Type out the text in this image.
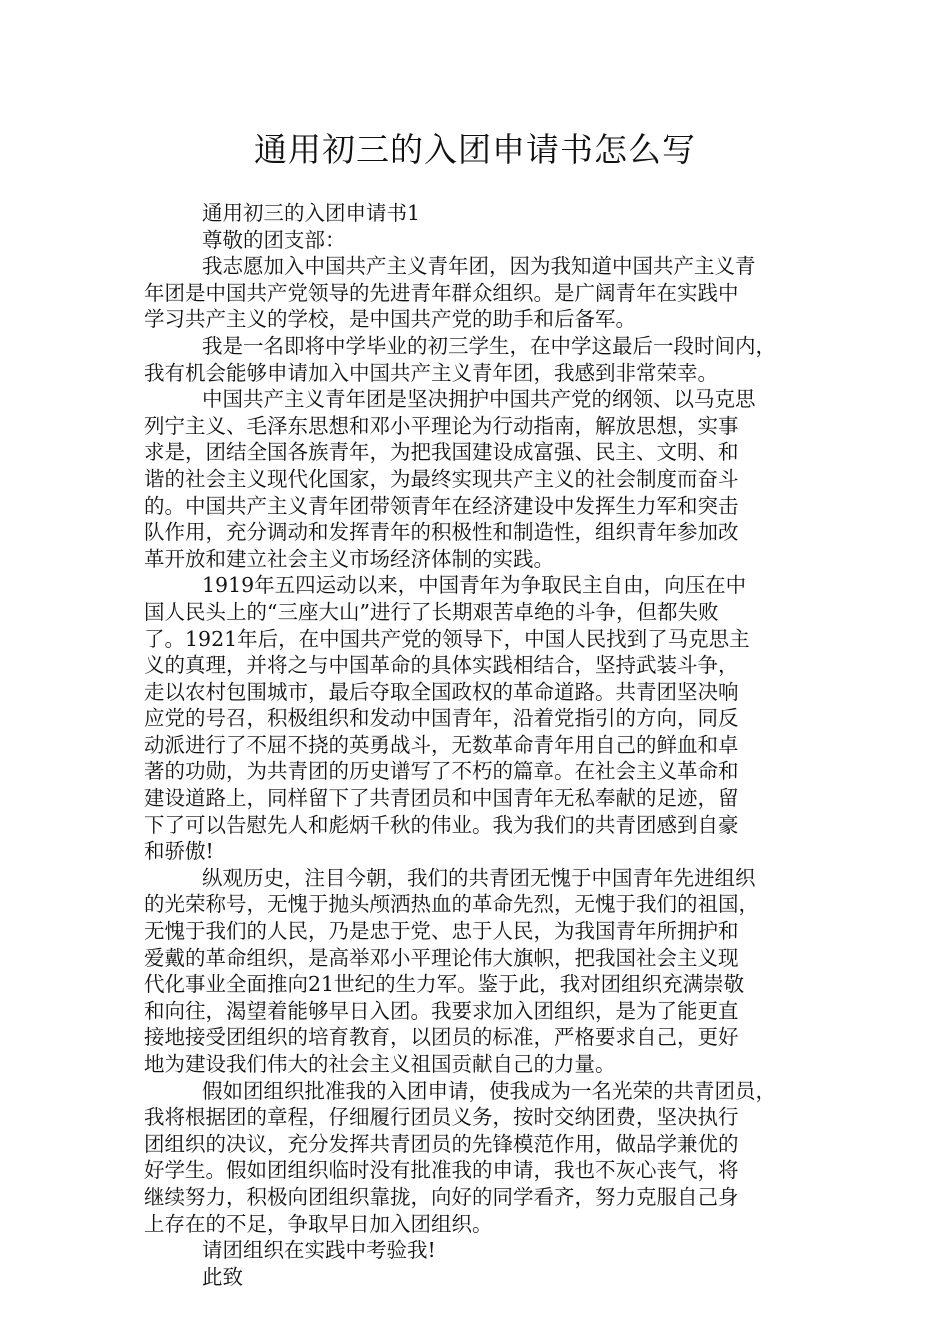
通用初三的入团申请书怎么写
通用初三的入团申请书1
尊敬的团支部：
我志愿加入中国共产主义青年团，因为我知道中国共产主义青
年团是中国共产党领导的先进青年群众组织。是广阔青年在实践中
学习共产主义的学校，是中国共产党的助手和后备军。
我是一名即将中学毕业的初三学生，在中学这最后一段时间内，
我有机会能够申请加入中国共产主义青年团，我感到非常荣幸。
中国共产主义青年团是坚决拥护中国共产党的纲领、以马克思
列宁主义、毛泽东思想和邓小平理论为行动指南，解放思想，实事
求是，团结全国各族青年，为把我国建设成富强、民主、文明、和
谐的社会主义现代化国家，为最终实现共产主义的社会制度而奋斗
的。中国共产主义青年团带领青年在经济建设中发挥生力军和突击
队作用，充分调动和发挥青年的积极性和制造性，组织青年参加改
革开放和建立社会主义市场经济体制的实践。
1919年五四运动以来，中国青年为争取民主自由，向压在中
国人民头上的“三座大山”进行了长期艰苦卓绝的斗争，但都失败
了。1921年后，在中国共产党的领导下，中国人民找到了马克思主
义的真理，并将之与中国革命的具体实践相结合，坚持武装斗争，
走以农村包围城市，最后夺取全国政权的革命道路。共青团坚决响
应党的号召，积极组织和发动中国青年，沿着党指引的方向，同反
动派进行了不屈不挠的英勇战斗，无数革命青年用自己的鲜血和卓
著的功勋，为共青团的历史谱写了不朽的篇章。在社会主义革命和
建设道路上，同样留下了共青团员和中国青年无私奉献的足迹，留
下了可以告慰先人和彪炳千秋的伟业。我为我们的共青团感到自豪
和骄傲!
纵观历史，注目今朝，我们的共青团无愧于中国青年先进组织
的光荣称号，无愧于抛头颅洒热血的革命先烈，无愧于我们的祖国，
无愧于我们的人民，乃是忠于党、忠于人民，为我国青年所拥护和
爱戴的革命组织，是高举邓小平理论伟大旗帜，把我国社会主义现
代化事业全面推向21世纪的生力军。鉴于此，我对团组织充满崇敬
和向往，渴望着能够早日入团。我要求加入团组织，是为了能更直
接地接受团组织的培育教育，以团员的标准，严格要求自己，更好
地为建设我们伟大的社会主义祖国贡献自己的力量。
假如团组织批准我的入团申请，使我成为一名光荣的共青团员，
我将根据团的章程，仔细履行团员义务，按时交纳团费，坚决执行
团组织的决议，充分发挥共青团员的先锋模范作用，做品学兼优的
好学生。假如团组织临时没有批准我的申请，我也不灰心丧气，将
继续努力，积极向团组织靠拢，向好的同学看齐，努力克服自己身
上存在的不足，争取早日加入团组织。
请团组织在实践中考验我!
此致
